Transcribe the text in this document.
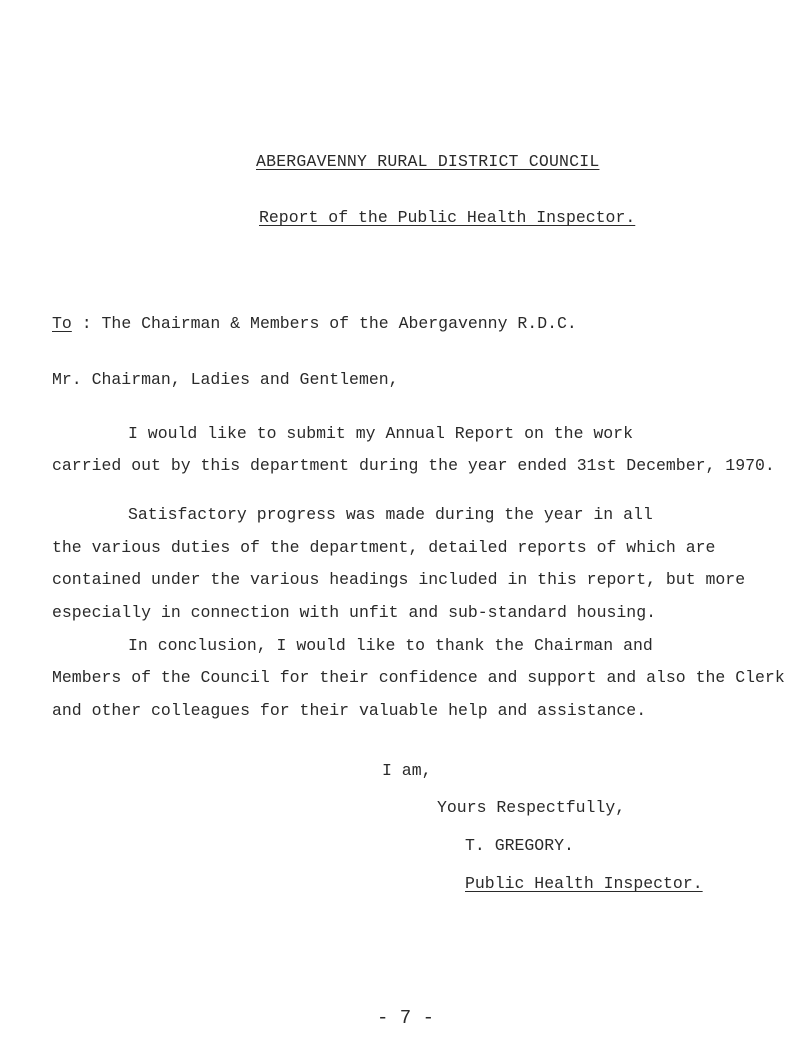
ABERGAVENNY RURAL DISTRICT COUNCIL
Report of the Public Health Inspector.
To : The Chairman & Members of the Abergavenny R.D.C.
Mr. Chairman, Ladies and Gentlemen,
I would like to submit my Annual Report on the work
carried out by this department during the year ended 31st December, 1970.
Satisfactory progress was made during the year in all
the various duties of the department, detailed reports of which are
contained under the various headings included in this report, but more
especially in connection with unfit and sub-standard housing.
In conclusion, I would like to thank the Chairman and
Members of the Council for their confidence and support and also the Clerk
and other colleagues for their valuable help and assistance.
I am,
Yours Respectfully,
T. GREGORY.
Public Health Inspector.
- 7 -
